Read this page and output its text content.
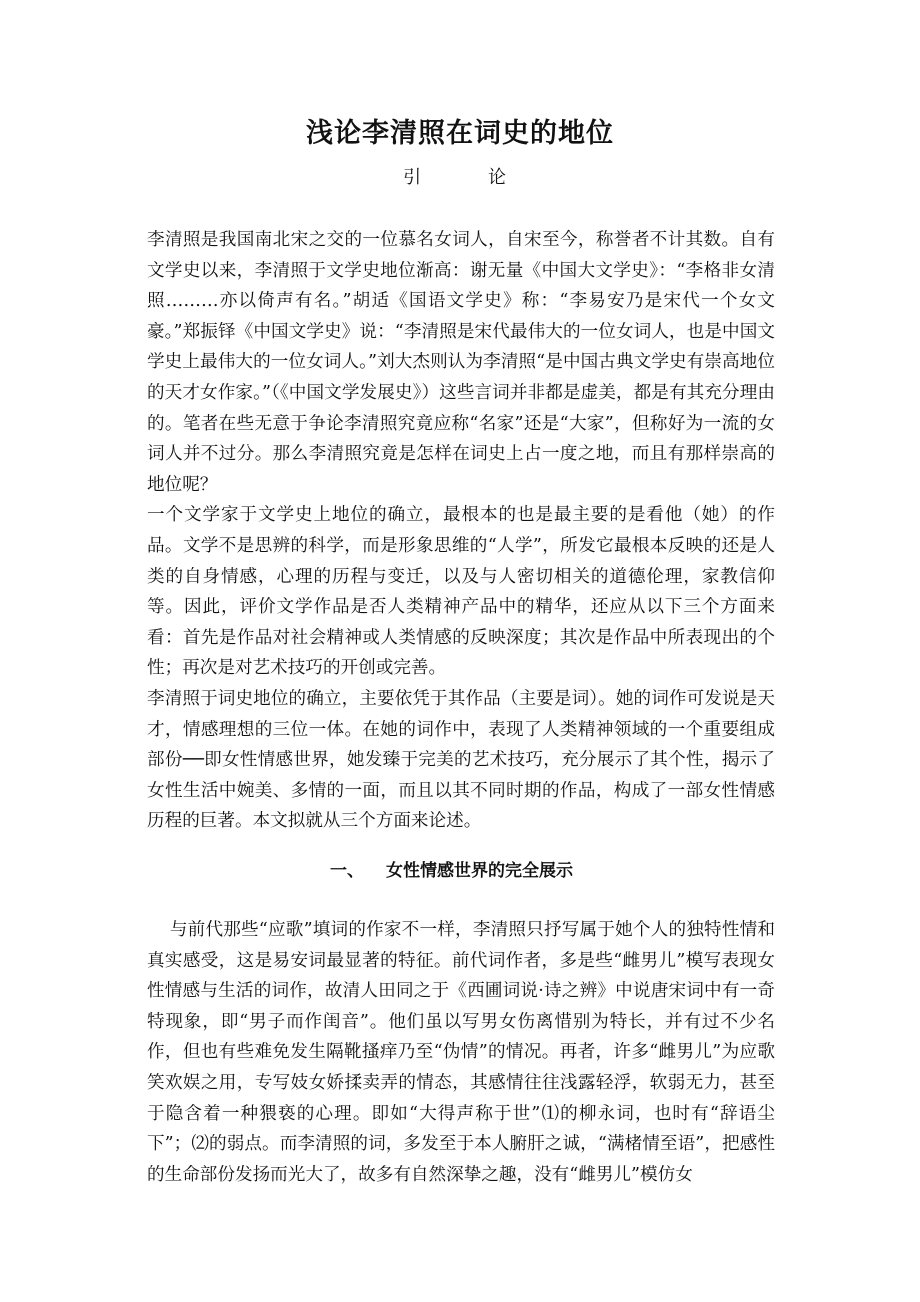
浅论李清照在词史的地位
引 论

李清照是我国南北宋之交的一位慕名女词人，自宋至今，称誉者不计其数。自有文学史以来，李清照于文学史地位渐高：谢无量《中国大文学史》：“李格非女清照………亦以倚声有名。”胡适《国语文学史》称：“李易安乃是宋代一个女文豪。”郑振铎《中国文学史》说：“李清照是宋代最伟大的一位女词人，也是中国文学史上最伟大的一位女词人。”刘大杰则认为李清照“是中国古典文学史有崇高地位的天才女作家。”（《中国文学发展史》）这些言词并非都是虚美，都是有其充分理由的。笔者在些无意于争论李清照究竟应称“名家”还是“大家”，但称好为一流的女词人并不过分。那么李清照究竟是怎样在词史上占一度之地，而且有那样崇高的地位呢？

一个文学家于文学史上地位的确立，最根本的也是最主要的是看他（她）的作品。文学不是思辨的科学，而是形象思维的“人学”，所发它最根本反映的还是人类的自身情感，心理的历程与变迁，以及与人密切相关的道德伦理，家教信仰等。因此，评价文学作品是否人类精神产品中的精华，还应从以下三个方面来看：首先是作品对社会精神或人类情感的反映深度；其次是作品中所表现出的个性；再次是对艺术技巧的开创或完善。

李清照于词史地位的确立，主要依凭于其作品（主要是词）。她的词作可发说是天才，情感理想的三位一体。在她的词作中，表现了人类精神领域的一个重要组成部份──即女性情感世界，她发臻于完美的艺术技巧，充分展示了其个性，揭示了女性生活中婉美、多情的一面，而且以其不同时期的作品，构成了一部女性情感历程的巨著。本文拟就从三个方面来论述。

一、 女性情感世界的完全展示

与前代那些“应歌”填词的作家不一样，李清照只抒写属于她个人的独特性情和真实感受，这是易安词最显著的特征。前代词作者，多是些“雌男儿”模写表现女性情感与生活的词作，故清人田同之于《西圃词说·诗之辨》中说唐宋词中有一奇特现象，即“男子而作闺音”。他们虽以写男女伤离惜别为特长，并有过不少名作，但也有些难免发生隔靴搔痒乃至“伪情”的情况。再者，许多“雌男儿”为应歌笑欢娱之用，专写妓女娇揉卖弄的情态，其感情往往浅露轻浮，软弱无力，甚至于隐含着一种猥亵的心理。即如“大得声称于世”⑴的柳永词，也时有“辞语尘下”；⑵的弱点。而李清照的词，多发至于本人腑肝之诚，“满楮情至语”，把感性的生命部份发扬而光大了，故多有自然深挚之趣，没有“雌男儿”模仿女
